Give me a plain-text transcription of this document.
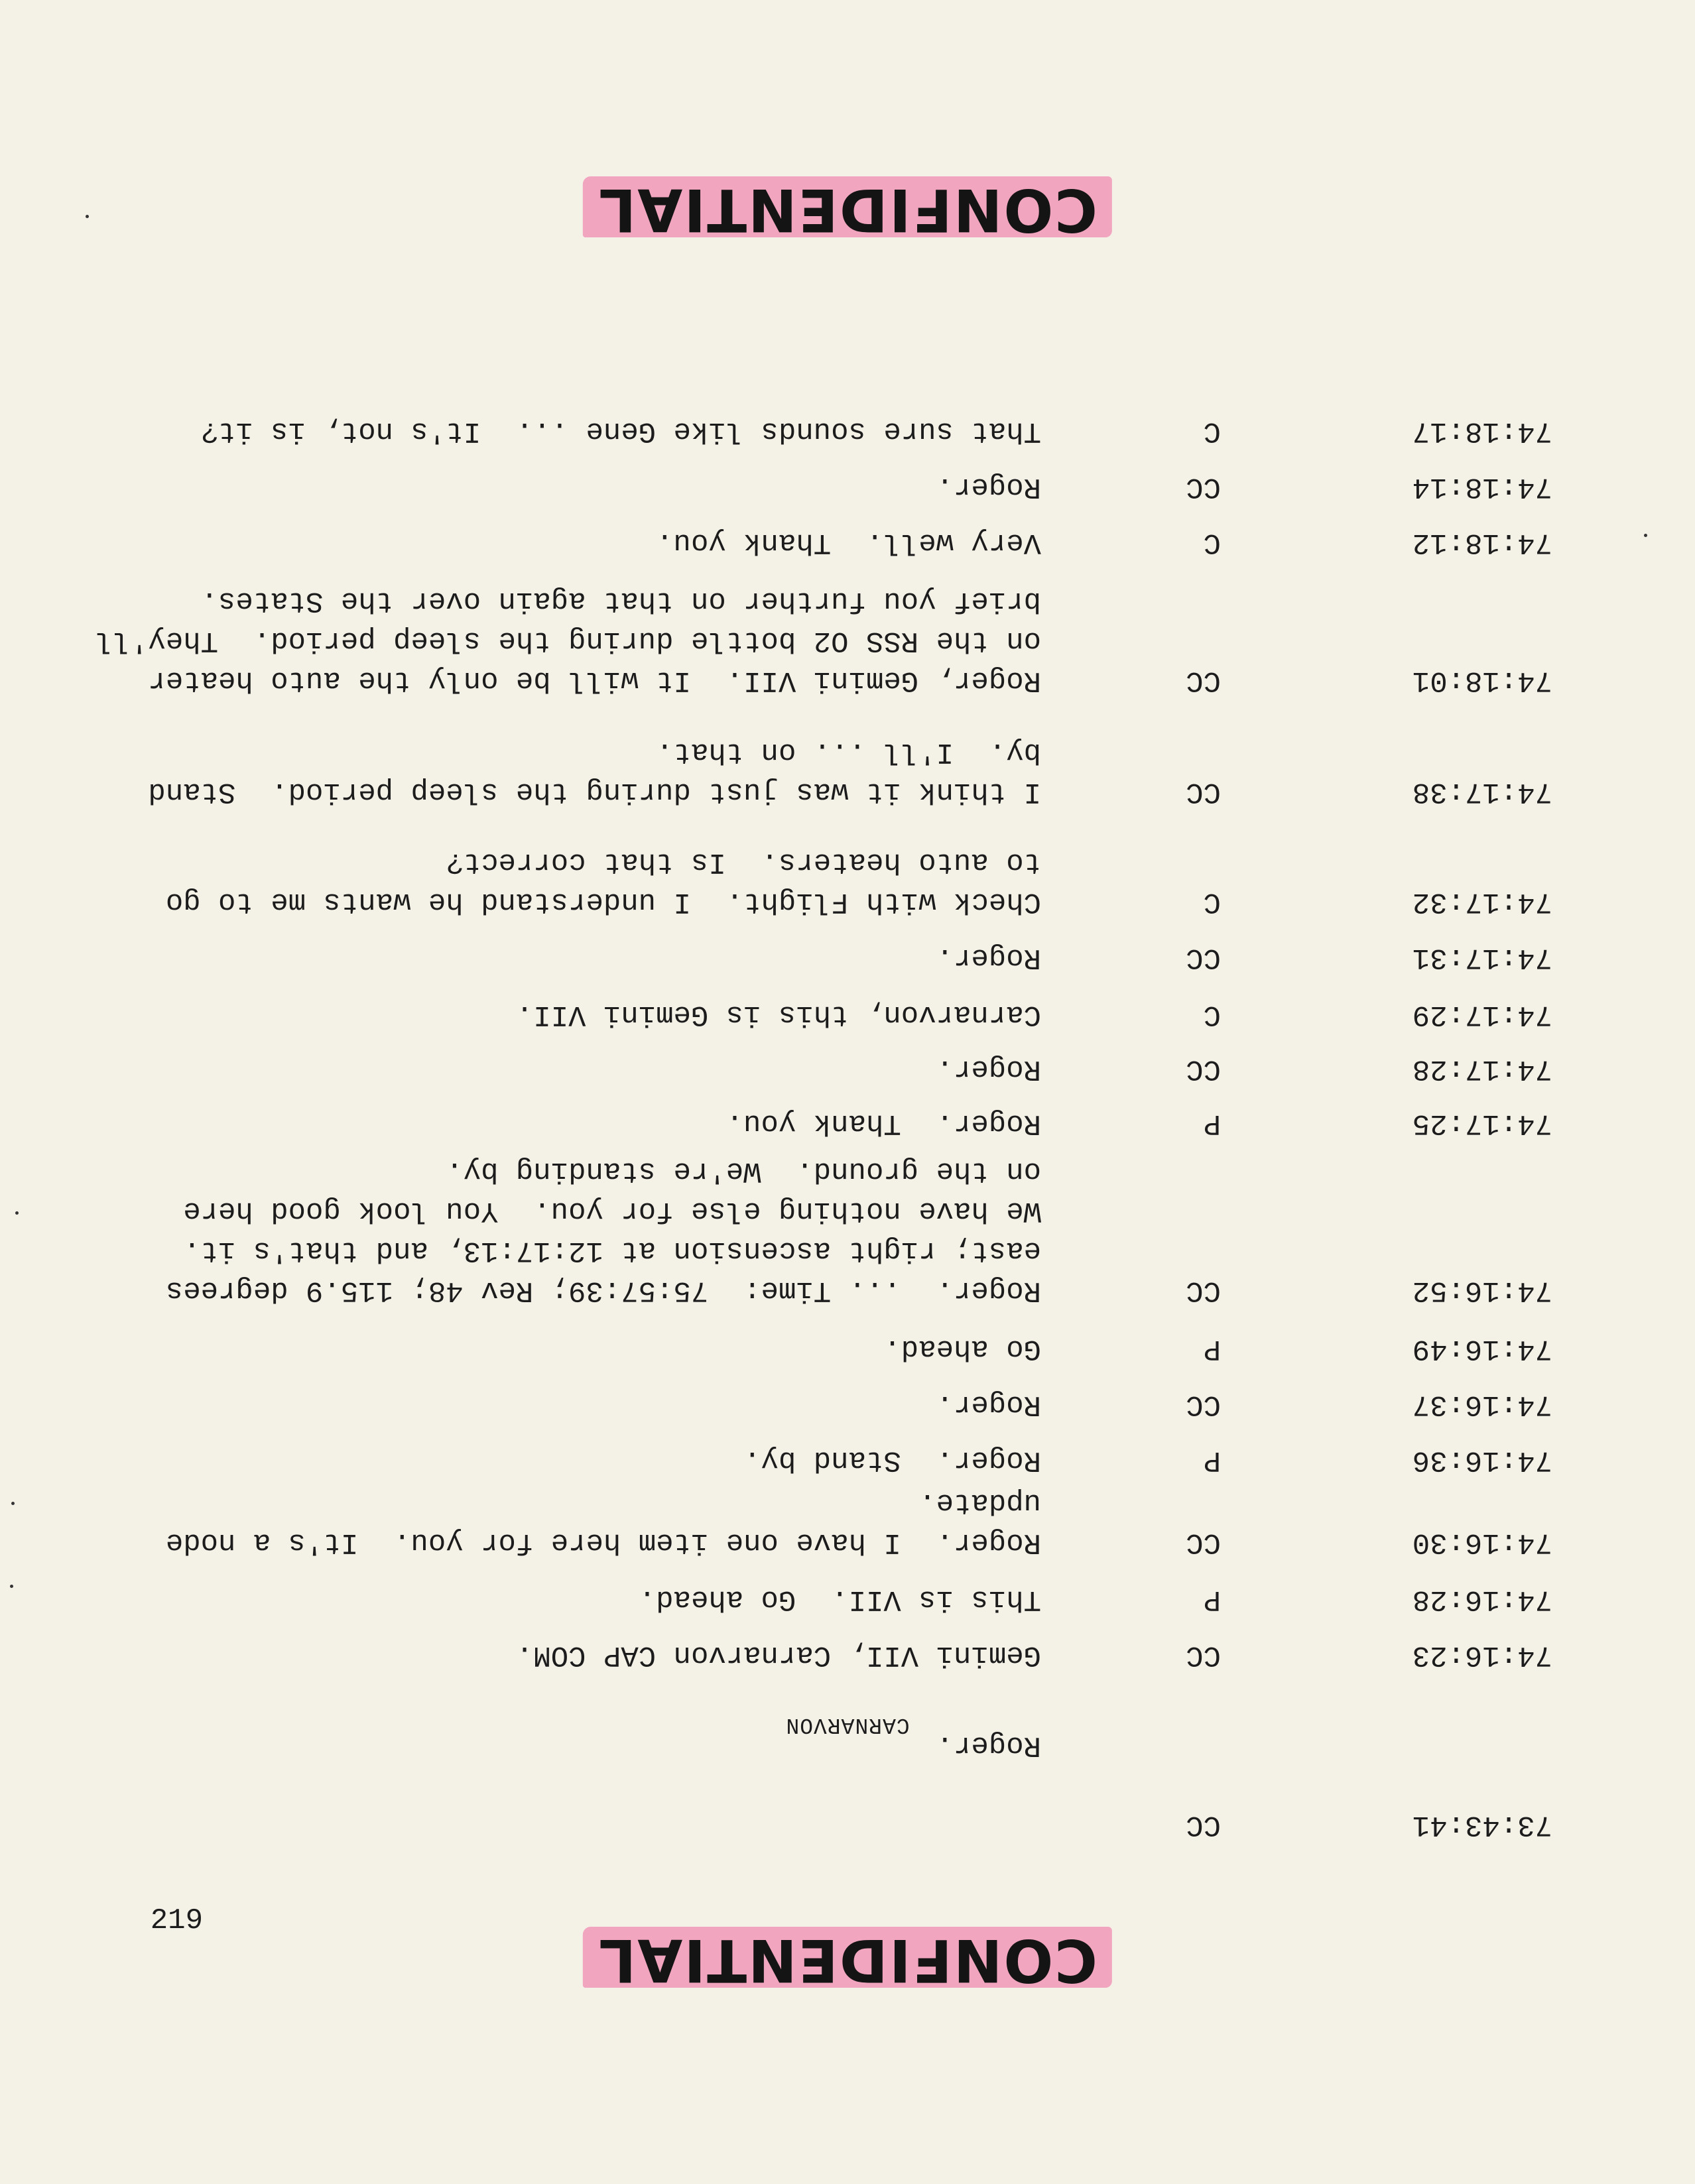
CONFIDENTIAL
219
73:43:41
CC

Roger.

CARNARVON
74:16:23
CC
Gemini VII, Carnarvon CAP COM.
74:16:28
P
This is VII.  Go ahead.
74:16:30
CC
Roger.  I have one item here for you.  It's a node
update.
74:16:36
P
Roger.  Stand by.
74:16:37
CC
Roger.
74:16:49
P
Go ahead.
74:16:52
CC
Roger.  ... Time:  75:57:39; Rev 48; 115.9 degrees
east; right ascension at 12:17:13, and that's it.
We have nothing else for you.  You look good here
on the ground.  We're standing by.
74:17:25
P
Roger.  Thank you.
74:17:28
CC
Roger.
74:17:29
C
Carnarvon, this is Gemini VII.
74:17:31
CC
Roger.
74:17:32
C
Check with Flight.  I understand he wants me to go
to auto heaters.  Is that correct?
74:17:38
CC
I think it was just during the sleep period.  Stand
by.  I'll ... on that.
74:18:01
CC
Roger, Gemini VII.  It will be only the auto heater
on the RSS O2 bottle during the sleep period.  They'll
brief you further on that again over the States.
74:18:12
C
Very well.  Thank you.
74:18:14
CC
Roger.
74:18:17
C
That sure sounds like Gene ...  It's not, is it?
CONFIDENTIAL
